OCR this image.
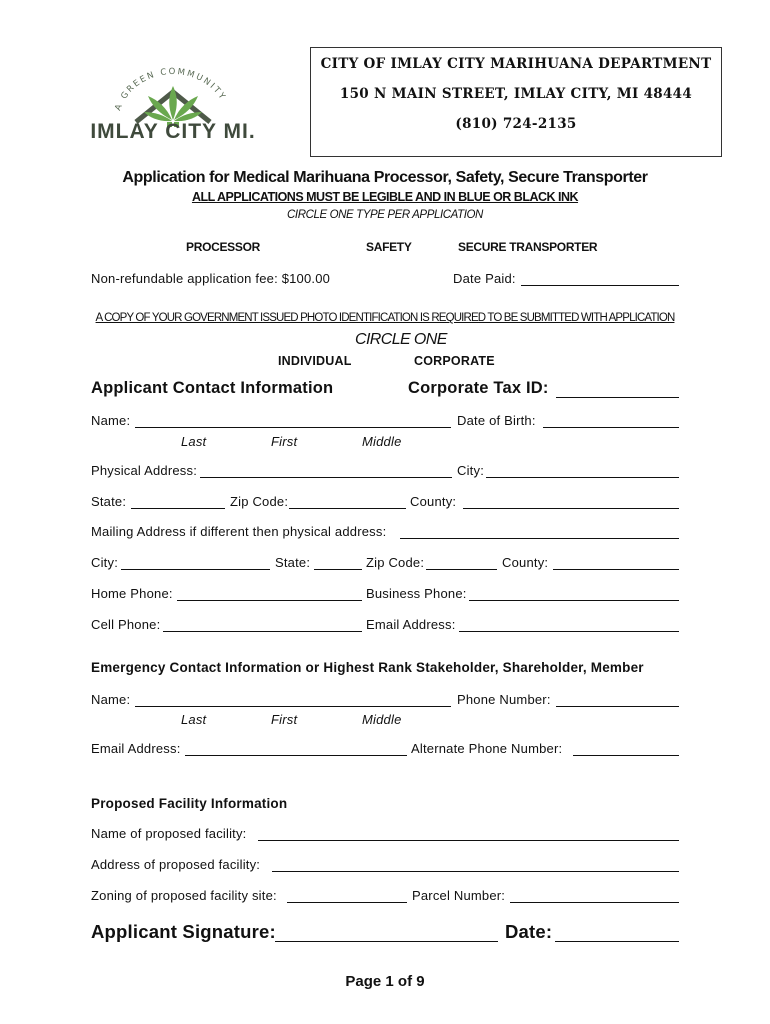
A GREEN COMMUNITY
IMLAY CITY MI.
CITY OF IMLAY CITY MARIHUANA DEPARTMENT
150 N MAIN STREET, IMLAY CITY, MI 48444
(810) 724-2135
Application for Medical Marihuana Processor, Safety, Secure Transporter
ALL APPLICATIONS MUST BE LEGIBLE AND IN BLUE OR BLACK INK
CIRCLE ONE TYPE PER APPLICATION
PROCESSOR	SAFETY	SECURE TRANSPORTER
Non-refundable application fee: $100.00	Date Paid:
A COPY OF YOUR GOVERNMENT ISSUED PHOTO IDENTIFICATION IS REQUIRED TO BE SUBMITTED WITH APPLICATION
CIRCLE ONE
INDIVIDUAL	CORPORATE
Applicant Contact Information	Corporate Tax ID:
Name:	Date of Birth:
Last	First	Middle
Physical Address:	City:
State:	Zip Code:	County:
Mailing Address if different then physical address:
City:	State:	Zip Code:	County:
Home Phone:	Business Phone:
Cell Phone:	Email Address:
Emergency Contact Information or Highest Rank Stakeholder, Shareholder, Member
Name:	Phone Number:
Last	First	Middle
Email Address:	Alternate Phone Number:
Proposed Facility Information
Name of proposed facility:
Address of proposed facility:
Zoning of proposed facility site:	Parcel Number:
Applicant Signature:	Date:
Page 1 of 9
